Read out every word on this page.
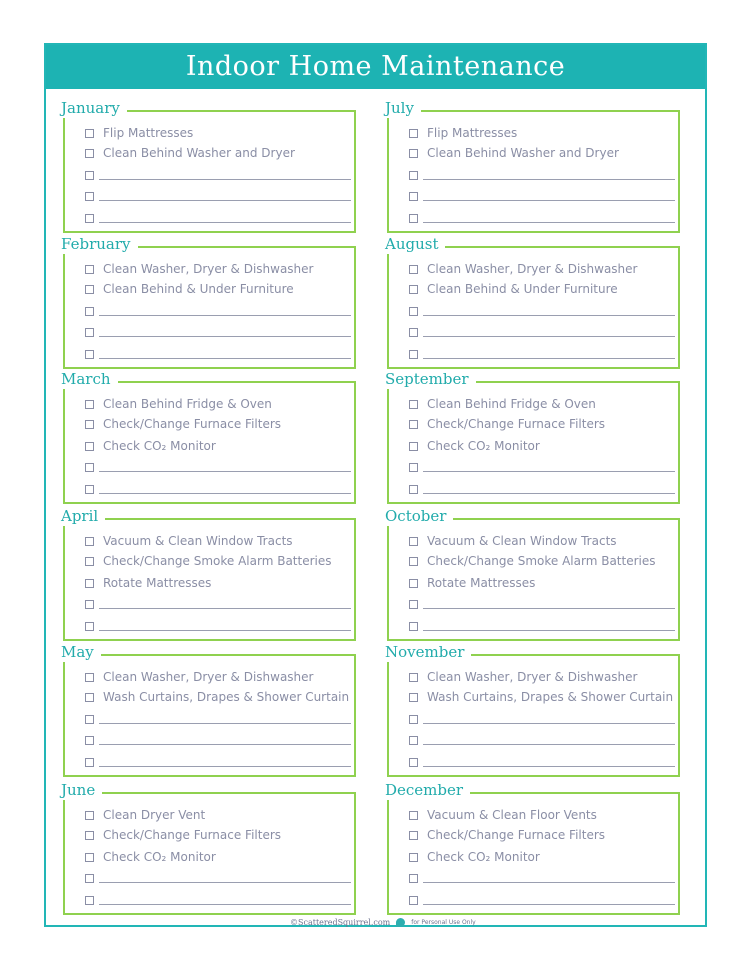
Indoor Home Maintenance
January
Flip Mattresses
Clean Behind Washer and Dryer
February
Clean Washer, Dryer & Dishwasher
Clean Behind & Under Furniture
March
Clean Behind Fridge & Oven
Check/Change Furnace Filters
Check CO₂ Monitor
April
Vacuum & Clean Window Tracts
Check/Change Smoke Alarm Batteries
Rotate Mattresses
May
Clean Washer, Dryer & Dishwasher
Wash Curtains, Drapes & Shower Curtain
June
Clean Dryer Vent
Check/Change Furnace Filters
Check CO₂ Monitor
July
Flip Mattresses
Clean Behind Washer and Dryer
August
Clean Washer, Dryer & Dishwasher
Clean Behind & Under Furniture
September
Clean Behind Fridge & Oven
Check/Change Furnace Filters
Check CO₂ Monitor
October
Vacuum & Clean Window Tracts
Check/Change Smoke Alarm Batteries
Rotate Mattresses
November
Clean Washer, Dryer & Dishwasher
Wash Curtains, Drapes & Shower Curtain
December
Vacuum & Clean Floor Vents
Check/Change Furnace Filters
Check CO₂ Monitor
©ScatteredSquirrel.com	for Personal Use Only
